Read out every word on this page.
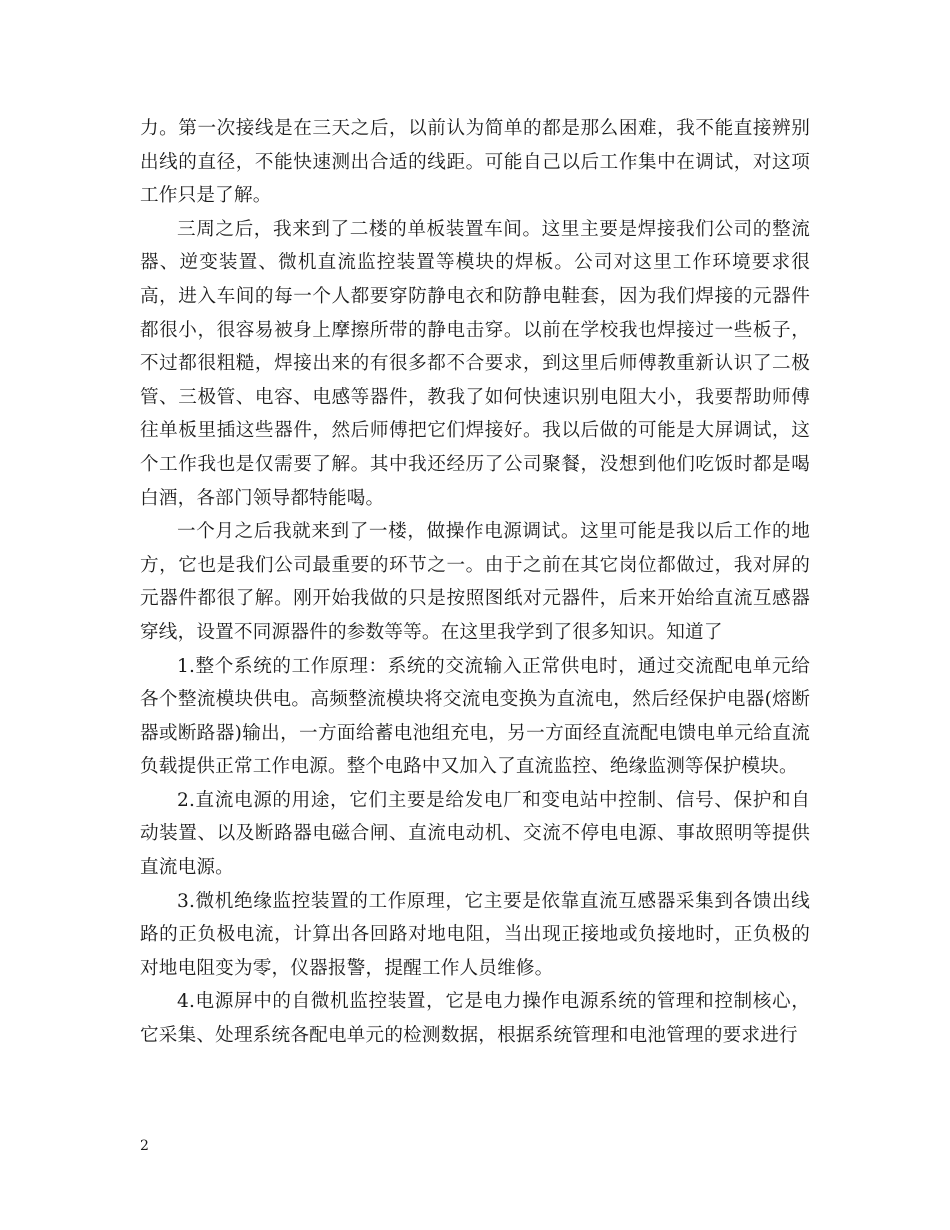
力。第一次接线是在三天之后，以前认为简单的都是那么困难，我不能直接辨别出线的直径，不能快速测出合适的线距。可能自己以后工作集中在调试，对这项工作只是了解。

三周之后，我来到了二楼的单板装置车间。这里主要是焊接我们公司的整流器、逆变装置、微机直流监控装置等模块的焊板。公司对这里工作环境要求很高，进入车间的每一个人都要穿防静电衣和防静电鞋套，因为我们焊接的元器件都很小，很容易被身上摩擦所带的静电击穿。以前在学校我也焊接过一些板子，不过都很粗糙，焊接出来的有很多都不合要求，到这里后师傅教重新认识了二极管、三极管、电容、电感等器件，教我了如何快速识别电阻大小，我要帮助师傅往单板里插这些器件，然后师傅把它们焊接好。我以后做的可能是大屏调试，这个工作我也是仅需要了解。其中我还经历了公司聚餐，没想到他们吃饭时都是喝白酒，各部门领导都特能喝。

一个月之后我就来到了一楼，做操作电源调试。这里可能是我以后工作的地方，它也是我们公司最重要的环节之一。由于之前在其它岗位都做过，我对屏的元器件都很了解。刚开始我做的只是按照图纸对元器件，后来开始给直流互感器穿线，设置不同源器件的参数等等。在这里我学到了很多知识。知道了

1.整个系统的工作原理：系统的交流输入正常供电时，通过交流配电单元给各个整流模块供电。高频整流模块将交流电变换为直流电，然后经保护电器(熔断器或断路器)输出，一方面给蓄电池组充电，另一方面经直流配电馈电单元给直流负载提供正常工作电源。整个电路中又加入了直流监控、绝缘监测等保护模块。

2.直流电源的用途，它们主要是给发电厂和变电站中控制、信号、保护和自动装置、以及断路器电磁合闸、直流电动机、交流不停电电源、事故照明等提供直流电源。

3.微机绝缘监控装置的工作原理，它主要是依靠直流互感器采集到各馈出线路的正负极电流，计算出各回路对地电阻，当出现正接地或负接地时，正负极的对地电阻变为零，仪器报警，提醒工作人员维修。

4.电源屏中的自微机监控装置，它是电力操作电源系统的管理和控制核心，它采集、处理系统各配电单元的检测数据，根据系统管理和电池管理的要求进行

2
